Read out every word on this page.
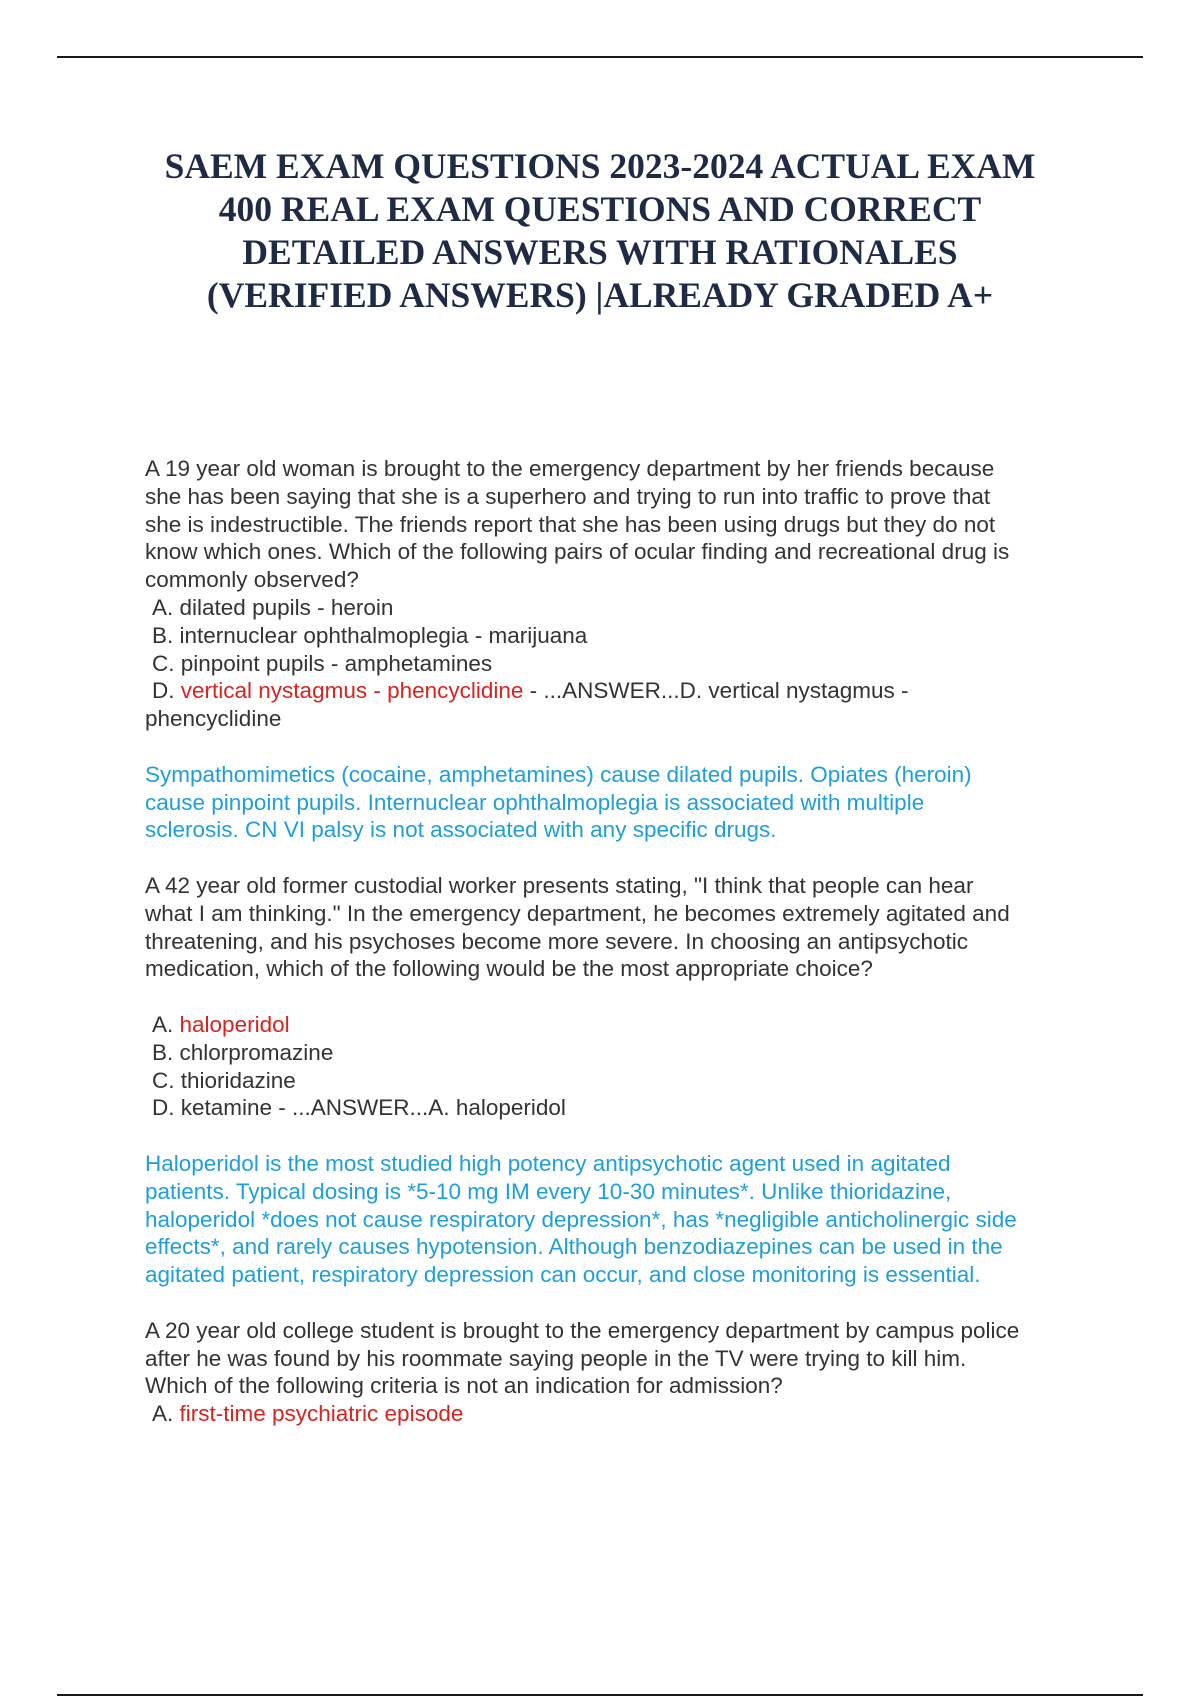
SAEM EXAM QUESTIONS 2023-2024 ACTUAL EXAM
400 REAL EXAM QUESTIONS AND CORRECT
DETAILED ANSWERS WITH RATIONALES
(VERIFIED ANSWERS) |ALREADY GRADED A+
A 19 year old woman is brought to the emergency department by her friends because
she has been saying that she is a superhero and trying to run into traffic to prove that
she is indestructible. The friends report that she has been using drugs but they do not
know which ones. Which of the following pairs of ocular finding and recreational drug is
commonly observed?
A. dilated pupils - heroin
B. internuclear ophthalmoplegia - marijuana
C. pinpoint pupils - amphetamines
D. vertical nystagmus - phencyclidine - ...ANSWER...D. vertical nystagmus -
phencyclidine
Sympathomimetics (cocaine, amphetamines) cause dilated pupils. Opiates (heroin)
cause pinpoint pupils. Internuclear ophthalmoplegia is associated with multiple
sclerosis. CN VI palsy is not associated with any specific drugs.
A 42 year old former custodial worker presents stating, "I think that people can hear
what I am thinking." In the emergency department, he becomes extremely agitated and
threatening, and his psychoses become more severe. In choosing an antipsychotic
medication, which of the following would be the most appropriate choice?
A. haloperidol
B. chlorpromazine
C. thioridazine
D. ketamine - ...ANSWER...A. haloperidol
Haloperidol is the most studied high potency antipsychotic agent used in agitated
patients. Typical dosing is *5-10 mg IM every 10-30 minutes*. Unlike thioridazine,
haloperidol *does not cause respiratory depression*, has *negligible anticholinergic side
effects*, and rarely causes hypotension. Although benzodiazepines can be used in the
agitated patient, respiratory depression can occur, and close monitoring is essential.
A 20 year old college student is brought to the emergency department by campus police
after he was found by his roommate saying people in the TV were trying to kill him.
Which of the following criteria is not an indication for admission?
A. first-time psychiatric episode
